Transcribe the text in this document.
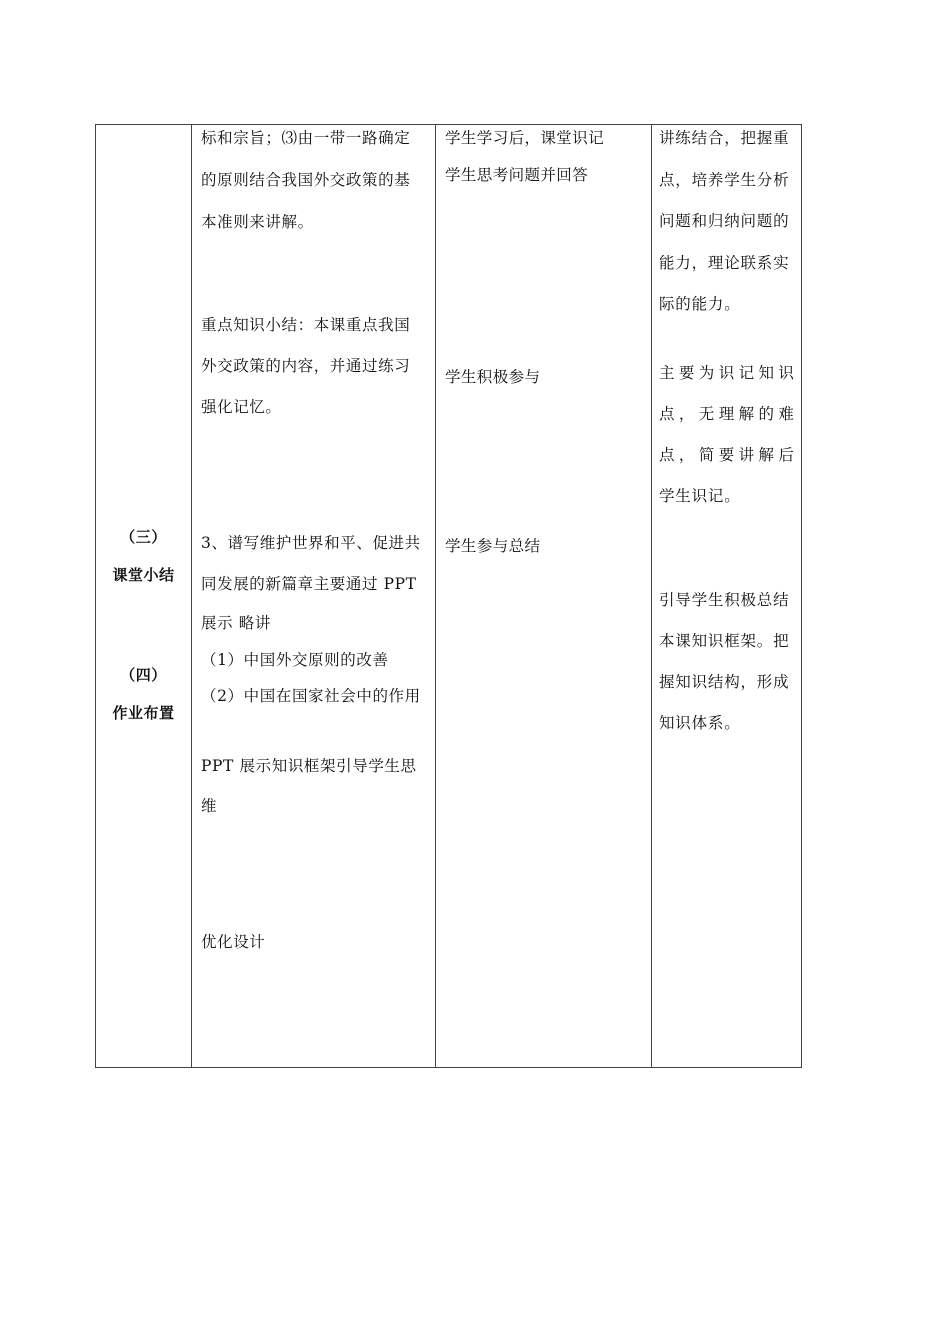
（三）
课堂小结
（四）
作业布置
标和宗旨；⑶由一带一路确定
的原则结合我国外交政策的基
本准则来讲解。
重点知识小结：本课重点我国
外交政策的内容，并通过练习
强化记忆。
3、谱写维护世界和平、促进共
同发展的新篇章主要通过 PPT
展示 略讲
（1）中国外交原则的改善
（2）中国在国家社会中的作用
PPT 展示知识框架引导学生思
维
优化设计
学生学习后，课堂识记
学生思考问题并回答
学生积极参与
学生参与总结
讲练结合，把握重
点，培养学生分析
问题和归纳问题的
能力，理论联系实
际的能力。
主要为识记知识
点，无理解的难
点，简要讲解后
学生识记。
引导学生积极总结
本课知识框架。把
握知识结构，形成
知识体系。
